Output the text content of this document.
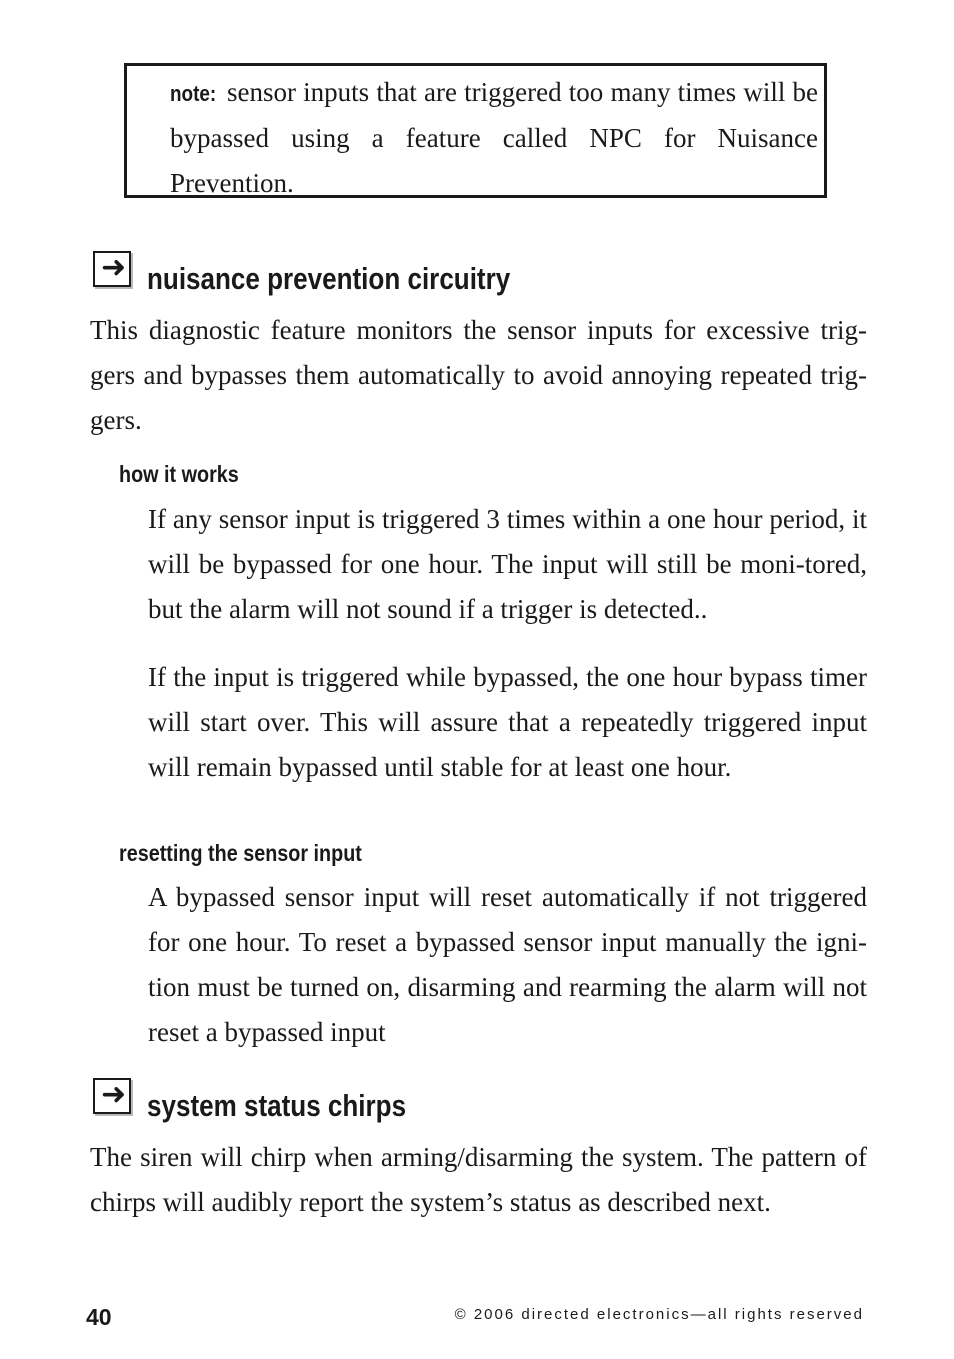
note: sensor inputs that are triggered too many times will be bypassed using a feature called NPC for Nuisance Prevention.
➜ nuisance prevention circuitry
This diagnostic feature monitors the sensor inputs for excessive trig-gers and bypasses them automatically to avoid annoying repeated trig-gers.
how it works
If any sensor input is triggered 3 times within a one hour period, it will be bypassed for one hour. The input will still be moni-tored, but the alarm will not sound if a trigger is detected..
If the input is triggered while bypassed, the one hour bypass timer will start over. This will assure that a repeatedly triggered input will remain bypassed until stable for at least one hour.
resetting the sensor input
A bypassed sensor input will reset automatically if not triggered for one hour. To reset a bypassed sensor input manually the igni-tion must be turned on, disarming and rearming the alarm will not reset a bypassed input
➜ system status chirps
The siren will chirp when arming/disarming the system. The pattern of chirps will audibly report the system’s status as described next.
40	© 2006 directed electronics—all rights reserved
